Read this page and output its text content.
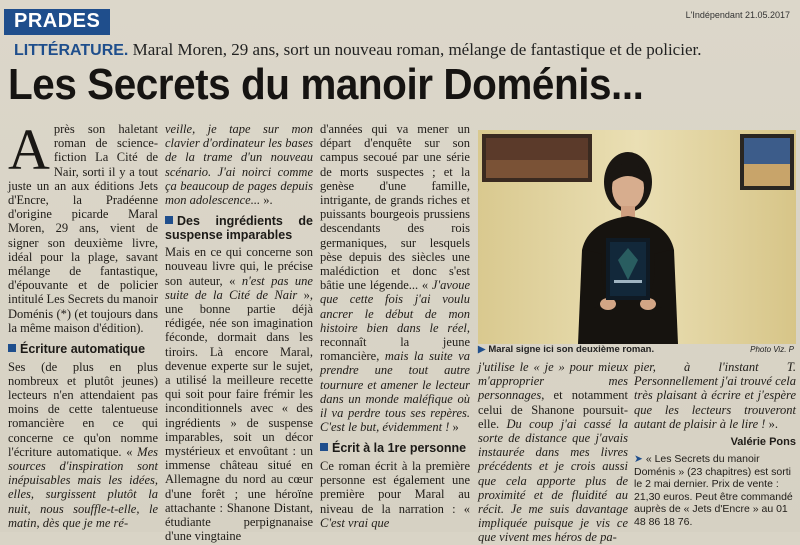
PRADES	L'Indépendant 21.05.2017
LITTÉRATURE. Maral Moren, 29 ans, sort un nouveau roman, mélange de fantastique et de policier.
Les Secrets du manoir Doménis...

Après son haletant roman de science-fiction La Cité de Nair, sorti il y a tout juste un an aux éditions Jets d'Encre, la Pradéenne d'origine picarde Maral Moren, 29 ans, vient de signer son deuxième livre, idéal pour la plage, savant mélange de fantastique, d'épouvante et de policier intitulé Les Secrets du manoir Doménis (*) (et toujours dans la même maison d'édition).

Écriture automatique

Ses (de plus en plus nombreux et plutôt jeunes) lecteurs n'en attendaient pas moins de cette talentueuse romancière en ce qui concerne ce qu'on nomme l'écriture automatique. « Mes sources d'inspiration sont inépuisables mais les idées, elles, surgissent plutôt la nuit, nous souffle-t-elle, le matin, dès que je me ré-

veille, je tape sur mon clavier d'ordinateur les bases de la trame d'un nouveau scénario. J'ai noirci comme ça beaucoup de pages depuis mon adolescence... ».

Des ingrédients de suspense imparables

Mais en ce qui concerne son nouveau livre qui, le précise son auteur, « n'est pas une suite de la Cité de Nair », une bonne partie déjà rédigée, née son imagination féconde, dormait dans les tiroirs. Là encore Maral, devenue experte sur le sujet, a utilisé la meilleure recette qui soit pour faire frémir les inconditionnels avec « des ingrédients » de suspense imparables, soit un décor mystérieux et envoûtant : un immense château situé en Allemagne du nord au cœur d'une forêt ; une héroïne attachante : Shanone Distant, étudiante perpignanaise d'une vingtaine

d'années qui va mener un départ d'enquête sur son campus secoué par une série de morts suspectes ; et la genèse d'une famille, intrigante, de grands riches et puissants bourgeois prussiens descendants des rois germaniques, sur lesquels pèse depuis des siècles une malédiction et donc s'est bâtie une légende... « J'avoue que cette fois j'ai voulu ancrer le début de mon histoire bien dans le réel, reconnaît la jeune romancière, mais la suite va prendre une tout autre tournure et amener le lecteur dans un monde maléfique où il va perdre tous ses repères. C'est le but, évidemment ! »

Écrit à la 1re personne

Ce roman écrit à la première personne est également une première pour Maral au niveau de la narration : « C'est vrai que

▶ Maral signe ici son deuxième roman.	Photo Viz. P

j'utilise le « je » pour mieux m'approprier mes personnages, et notamment celui de Shanone poursuit-elle. Du coup j'ai cassé la sorte de distance que j'avais instaurée dans mes livres précédents et je crois aussi que cela apporte plus de proximité et de fluidité au récit. Je me suis davantage impliquée puisque je vis ce que vivent mes héros de pa-

pier, à l'instant T. Personnellement j'ai trouvé cela très plaisant à écrire et j'espère que les lecteurs trouveront autant de plaisir à le lire ! ».

Valérie Pons
➤ « Les Secrets du manoir Doménis » (23 chapitres) est sorti le 2 mai dernier. Prix de vente : 21,30 euros. Peut être commandé auprès de « Jets d'Encre » au 01 48 86 18 76.
